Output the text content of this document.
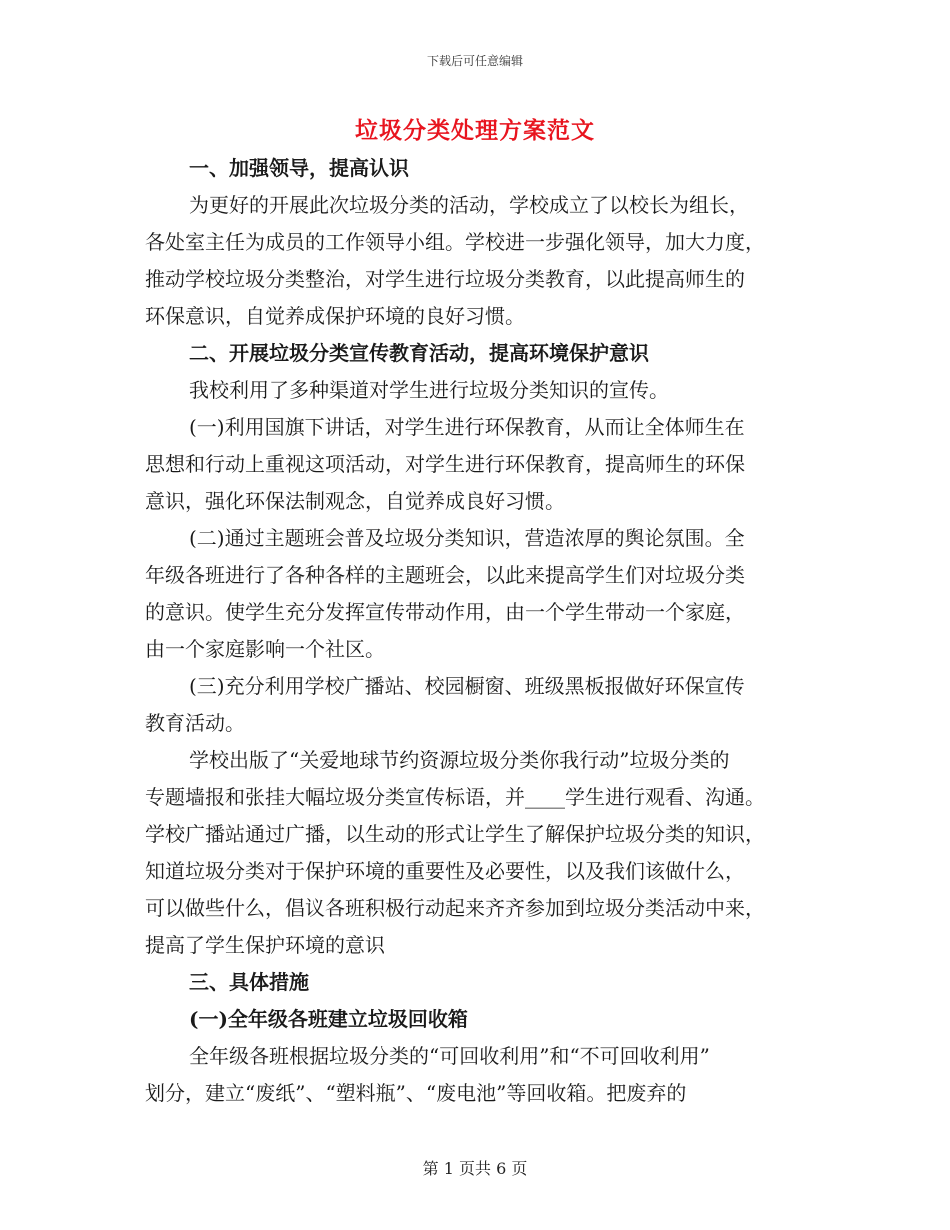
下载后可任意编辑
垃圾分类处理方案范文
一、加强领导，提高认识
为更好的开展此次垃圾分类的活动，学校成立了以校长为组长，
各处室主任为成员的工作领导小组。学校进一步强化领导，加大力度，
推动学校垃圾分类整治，对学生进行垃圾分类教育，以此提高师生的
环保意识，自觉养成保护环境的良好习惯。
二、开展垃圾分类宣传教育活动，提高环境保护意识
我校利用了多种渠道对学生进行垃圾分类知识的宣传。
(一)利用国旗下讲话，对学生进行环保教育，从而让全体师生在
思想和行动上重视这项活动，对学生进行环保教育，提高师生的环保
意识，强化环保法制观念，自觉养成良好习惯。
(二)通过主题班会普及垃圾分类知识，营造浓厚的舆论氛围。全
年级各班进行了各种各样的主题班会，以此来提高学生们对垃圾分类
的意识。使学生充分发挥宣传带动作用，由一个学生带动一个家庭，
由一个家庭影响一个社区。
(三)充分利用学校广播站、校园橱窗、班级黑板报做好环保宣传
教育活动。
学校出版了“关爱地球节约资源垃圾分类你我行动”垃圾分类的
专题墙报和张挂大幅垃圾分类宣传标语，并____学生进行观看、沟通。
学校广播站通过广播，以生动的形式让学生了解保护垃圾分类的知识，
知道垃圾分类对于保护环境的重要性及必要性，以及我们该做什么，
可以做些什么，倡议各班积极行动起来齐齐参加到垃圾分类活动中来，
提高了学生保护环境的意识
三、具体措施
(一)全年级各班建立垃圾回收箱
全年级各班根据垃圾分类的“可回收利用”和“不可回收利用”
划分，建立“废纸”、“塑料瓶”、“废电池”等回收箱。把废弃的
第 1 页共 6 页
